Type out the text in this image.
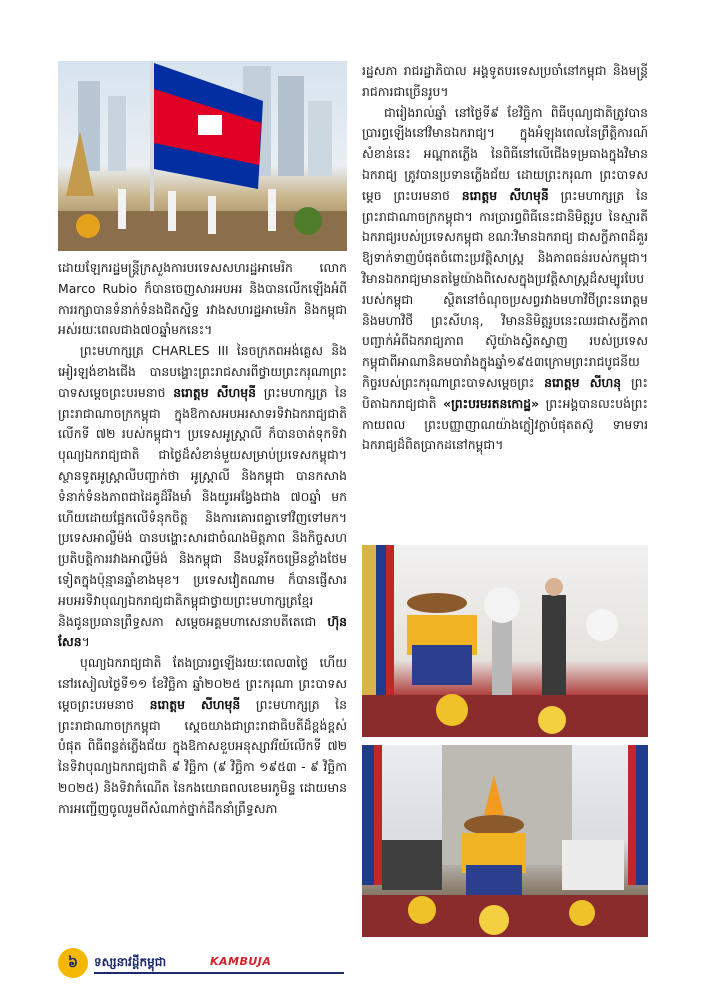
ដោយឡែករដ្ឋមន្ត្រីក្រសួងការបរទេសសហរដ្ឋអាមេរិក លោក Marco Rubio ក៏បានចេញសារអបអរ និងបានលើកឡើងអំពីការរក្សាបានទំនាក់ទំនងជិតស្និទ្ធ រវាងសហរដ្ឋអាមេរិក និងកម្ពុជា អស់រយៈពេលជាង៧០ឆ្នាំមកនេះ។

ព្រះមហាក្សត្រ CHARLES III នៃចក្រភពអង់គ្លេស និងអៀរឡង់ខាងជើង បានបង្ហោះព្រះរាជសារពីថ្វាយព្រះករុណាព្រះបាទសម្តេចព្រះបរមនាថ នរោត្តម សីហមុនី ព្រះមហាក្សត្រ នៃព្រះរាជាណាចក្រកម្ពុជា ក្នុងឱកាសអបអរសាទរទិវាឯករាជ្យជាតិ លើកទី ៧២ របស់កម្ពុជា។ ប្រទេសអូស្រ្តាលី ក៏បានចាត់ទុកទិវាបុណ្យឯករាជ្យជាតិ ជាថ្ងៃដ៏សំខាន់មួយសម្រាប់ប្រទេសកម្ពុជា។ ស្ថានទូតអូស្រ្តាលីបញ្ជាក់ថា អូស្រ្តាលី និងកម្ពុជា បានកសាងទំនាក់ទំនងភាពជាដៃគូដ៏រឹងមាំ និងយូរអង្វែងជាង ៧០ឆ្នាំ មកហើយដោយផ្អែកលើទំនុកចិត្ត និងការគោរពគ្នាទៅវិញទៅមក។ ប្រទេសអាល្លឺម៉ង់ បានបង្ហោះសារជាចំណងមិត្តភាព និងកិច្ចសហប្រតិបត្តិការរវាងអាល្លឺម៉ង់ និងកម្ពុជា នឹងបន្តរីកចម្រើនខ្លាំងថែមទៀតក្នុងប៉ុន្មានឆ្នាំខាងមុខ។ ប្រទេសវៀតណាម ក៏បានផ្ញើសារអបអរទិវាបុណ្យឯករាជ្យជាតិកម្ពុជាថ្វាយព្រះមហាក្សត្រខ្មែរ និងជូនប្រធានព្រឹទ្ធសភា សម្តេចអគ្គមហាសេនាបតីតេជោ ហ៊ុន សែន។

បុណ្យឯករាជ្យជាតិ តែងប្រារព្ធឡើងរយៈពេល៣ថ្ងៃ ហើយនៅរសៀលថ្ងៃទី១១ ខែវិច្ឆិកា ឆ្នាំ២០២៥ ព្រះករុណា ព្រះបាទសម្តេចព្រះបរមនាថ នរោត្តម សីហមុនី ព្រះមហាក្សត្រ នៃព្រះរាជាណាចក្រកម្ពុជា ស្តេចយាងជាព្រះរាជាធិបតីដ៏ខ្ពង់ខ្ពស់ បំផុត ពិធីពន្លត់ភ្លើងជ័យ ក្នុងឱកាសខួបអនុស្សាវរីយ៍លើកទី ៧២ នៃទិវាបុណ្យឯករាជ្យជាតិ ៩ វិច្ឆិកា (៩ វិច្ឆិកា ១៩៥៣ - ៩ វិច្ឆិកា ២០២៥) និងទិវាកំណើត នៃកងយោធពលខេមរភូមិន្ទ ដោយមានការអញ្ជើញចូលរួមពីសំណាក់ថ្នាក់ដឹកនាំព្រឹទ្ធសភា

រដ្ឋសភា រាជរដ្ឋាភិបាល អង្គទូតបរទេសប្រចាំនៅកម្ពុជា និងមន្ត្រីរាជការជាច្រើនរូប។

ជារៀងរាល់ឆ្នាំ នៅថ្ងៃទី៩ ខែវិច្ឆិកា ពិធីបុណ្យជាតិត្រូវបានប្រារព្ធឡើងនៅវិមានឯករាជ្យ។ ក្នុងអំឡុងពេលនៃព្រឹត្តិការណ៍សំខាន់នេះ អណ្តាតភ្លើង នៃពិធីនៅលើជើងទម្រធាងក្នុងវិមានឯករាជ្យ ត្រូវបានប្រទានភ្លើងជ័យ ដោយព្រះករុណា ព្រះបាទសម្តេច ព្រះបរមនាថ នរោត្តម សីហមុនី ព្រះមហាក្សត្រ នៃព្រះរាជាណាចក្រកម្ពុជា។ ការប្រារព្ធពិធីនេះជានិមិត្តរូប នៃស្មារតីឯករាជ្យរបស់ប្រទេសកម្ពុជា ខណៈវិមានឯករាជ្យ ជាសក្ខីភាពដ៏គួរឱ្យទាក់ទាញបំផុតចំពោះប្រវត្តិសាស្រ្ត និងភាពធន់របស់កម្ពុជា។ វិមានឯករាជ្យមានតម្លៃយ៉ាងពិសេសក្នុងប្រវត្តិសាស្រ្តដ៏សម្បូរបែបរបស់កម្ពុជា ស្ថិតនៅចំណុចប្រសព្វរវាងមហាវិថីព្រះនរោត្តម និងមហាវិថី ព្រះសីហនុ, វិមាននិមិត្តរូបនេះឈរជាសក្ខីភាពបញ្ជាក់អំពីឯករាជ្យភាព ស៊ូយ៉ាងស្វិតស្វាញ របស់ប្រទេសកម្ពុជាពីអាណានិគមបារាំងក្នុងឆ្នាំ១៩៥៣ក្រោមព្រះរាជបូជនីយកិច្ចរបស់ព្រះករុណាព្រះបាទសម្តេចព្រះ នរោត្តម សីហនុ ព្រះបិតាឯករាជ្យជាតិ «ព្រះបរមរតនកោដ្ឋ» ព្រះអង្គបានលះបង់ព្រះកាយពល ព្រះបញ្ញាញាណយ៉ាងក្លៀវក្លាបំផុតតស៊ូ ទាមទារឯករាជ្យដ៏ពិតប្រាកដនៅកម្ពុជា។

៦	ទស្សនាវដ្តីកម្ពុជា	KAMBUJA
